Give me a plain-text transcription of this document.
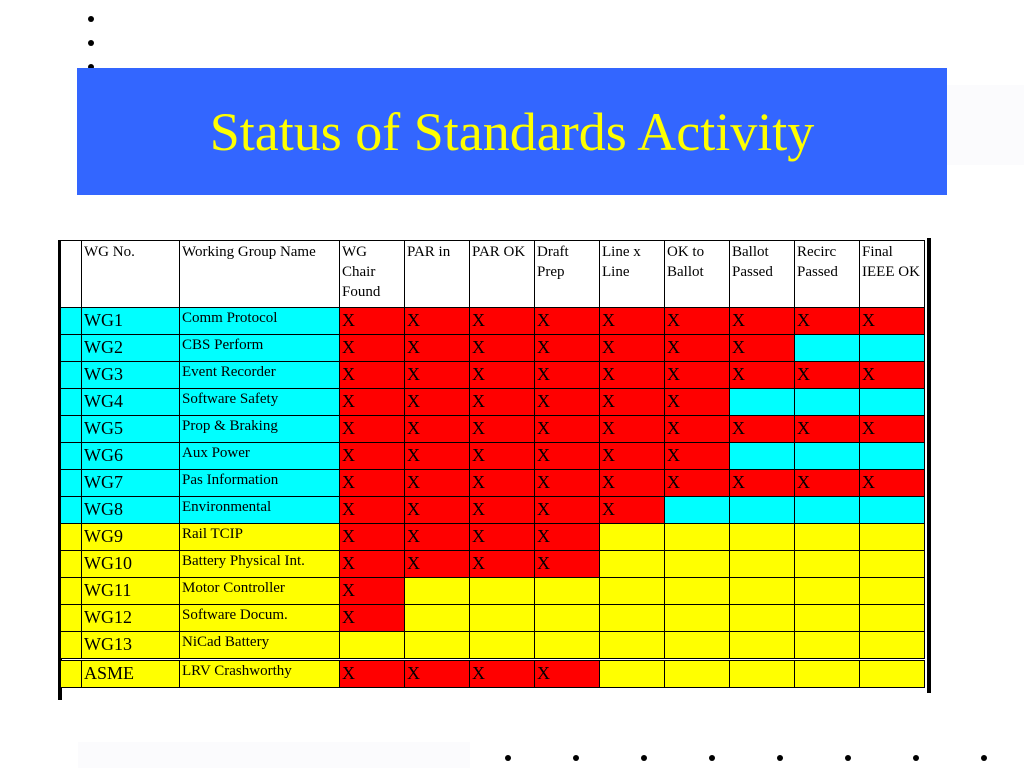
Status of Standards Activity
	WG No.	Working Group Name	WG Chair Found	PAR in	PAR OK	Draft Prep	Line x Line	OK to Ballot	Ballot Passed	Recirc Passed	Final IEEE OK
	WG1	Comm Protocol	X	X	X	X	X	X	X	X	X
	WG2	CBS Perform	X	X	X	X	X	X	X		
	WG3	Event Recorder	X	X	X	X	X	X	X	X	X
	WG4	Software Safety	X	X	X	X	X	X			
	WG5	Prop & Braking	X	X	X	X	X	X	X	X	X
	WG6	Aux Power	X	X	X	X	X	X			
	WG7	Pas Information	X	X	X	X	X	X	X	X	X
	WG8	Environmental	X	X	X	X	X				
	WG9	Rail TCIP	X	X	X	X					
	WG10	Battery Physical Int.	X	X	X	X					
	WG11	Motor Controller	X								
	WG12	Software Docum.	X								
	WG13	NiCad Battery									
	ASME	LRV Crashworthy	X	X	X	X					
